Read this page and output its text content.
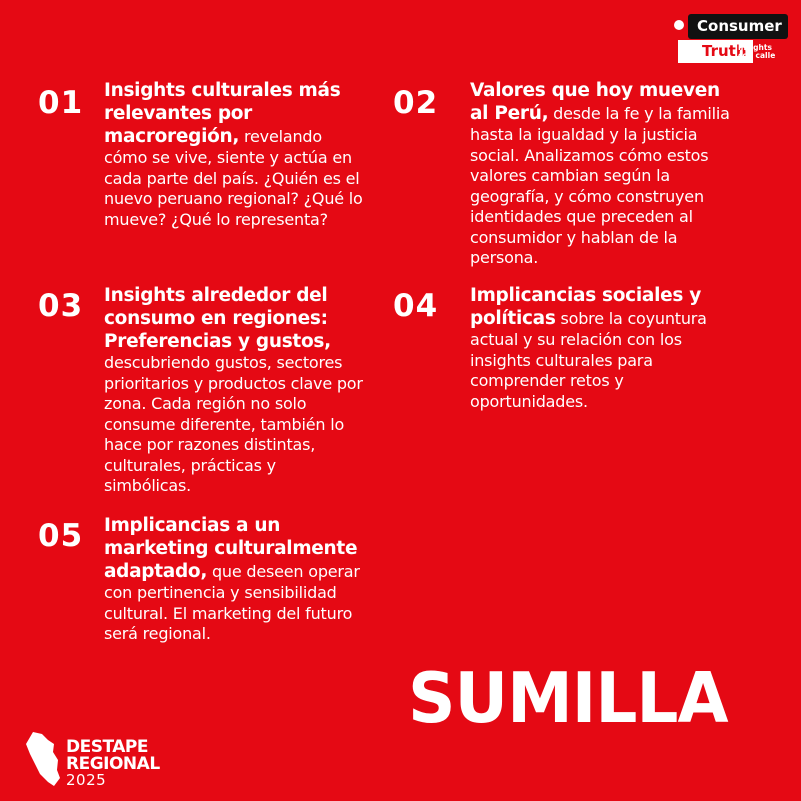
Consumer
Truth
Insights
con calle
01 Insights culturales más relevantes por macroregión, revelando cómo se vive, siente y actúa en cada parte del país. ¿Quién es el nuevo peruano regional? ¿Qué lo mueve? ¿Qué lo representa?
02 Valores que hoy mueven al Perú, desde la fe y la familia hasta la igualdad y la justicia social. Analizamos cómo estos valores cambian según la geografía, y cómo construyen identidades que preceden al consumidor y hablan de la persona.
03 Insights alrededor del consumo en regiones: Preferencias y gustos, descubriendo gustos, sectores prioritarios y productos clave por zona. Cada región no solo consume diferente, también lo hace por razones distintas, culturales, prácticas y simbólicas.
04 Implicancias sociales y políticas sobre la coyuntura actual y su relación con los insights culturales para comprender retos y oportunidades.
05 Implicancias a un marketing culturalmente adaptado, que deseen operar con pertinencia y sensibilidad cultural. El marketing del futuro será regional.
SUMILLA
DESTAPE
REGIONAL
2025
